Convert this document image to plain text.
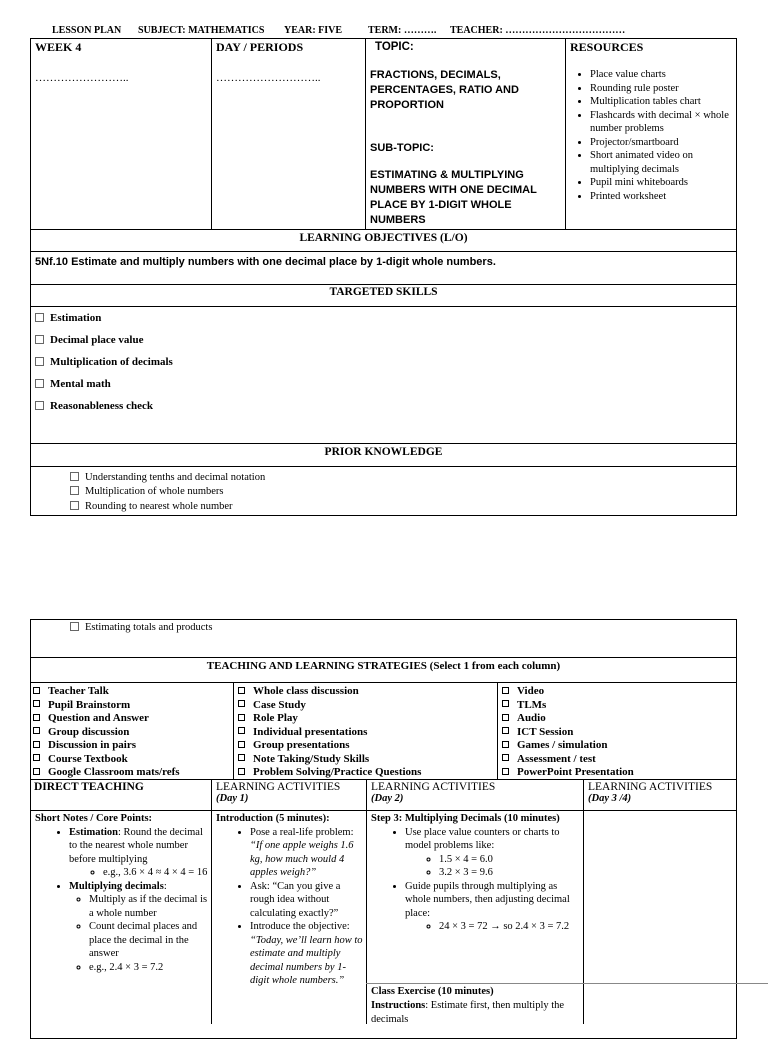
LESSON PLAN SUBJECT: MATHEMATICS YEAR: FIVE	TERM: ………. TEACHER: ………………………………
WEEK 4
……………………..
DAY / PERIODS
………………………..
TOPIC:
FRACTIONS, DECIMALS, PERCENTAGES, RATIO AND PROPORTION
SUB-TOPIC:
ESTIMATING & MULTIPLYING NUMBERS WITH ONE DECIMAL PLACE BY 1-DIGIT WHOLE NUMBERS
RESOURCES
• Place value charts
• Rounding rule poster
• Multiplication tables chart
• Flashcards with decimal × whole number problems
• Projector/smartboard
• Short animated video on multiplying decimals
• Pupil mini whiteboards
• Printed worksheet
LEARNING OBJECTIVES (L/O)
5Nf.10 Estimate and multiply numbers with one decimal place by 1-digit whole numbers.
TARGETED SKILLS
Estimation
Decimal place value
Multiplication of decimals
Mental math
Reasonableness check
PRIOR KNOWLEDGE
Understanding tenths and decimal notation
Multiplication of whole numbers
Rounding to nearest whole number
Estimating totals and products
TEACHING AND LEARNING STRATEGIES (Select 1 from each column)
Teacher Talk
Pupil Brainstorm
Question and Answer
Group discussion
Discussion in pairs
Course Textbook
Google Classroom mats/refs
Whole class discussion
Case Study
Role Play
Individual presentations
Group presentations
Note Taking/Study Skills
Problem Solving/Practice Questions
Video
TLMs
Audio
ICT Session
Games / simulation
Assessment / test
PowerPoint Presentation
DIRECT TEACHING	LEARNING ACTIVITIES
(Day 1)
LEARNING ACTIVITIES
(Day 2)
LEARNING ACTIVITIES
(Day 3 /4)
Short Notes / Core Points:
• Estimation: Round the decimal to the nearest whole number before multiplying
◦ e.g., 3.6 × 4 ≈ 4 × 4 = 16
• Multiplying decimals:
◦ Multiply as if the decimal is a whole number
◦ Count decimal places and place the decimal in the answer
◦ e.g., 2.4 × 3 = 7.2
Introduction (5 minutes):
• Pose a real-life problem:
“If one apple weighs 1.6 kg, how much would 4 apples weigh?”
• Ask: “Can you give a rough idea without calculating exactly?”
• Introduce the objective:
“Today, we’ll learn how to estimate and multiply decimal numbers by 1-digit whole numbers.”
Step 3: Multiplying Decimals (10 minutes)
• Use place value counters or charts to model problems like:
◦ 1.5 × 4 = 6.0
◦ 3.2 × 3 = 9.6
• Guide pupils through multiplying as whole numbers, then adjusting decimal place:
◦ 24 × 3 = 72 → so 2.4 × 3 = 7.2
Class Exercise (10 minutes)
Instructions: Estimate first, then multiply the decimals
